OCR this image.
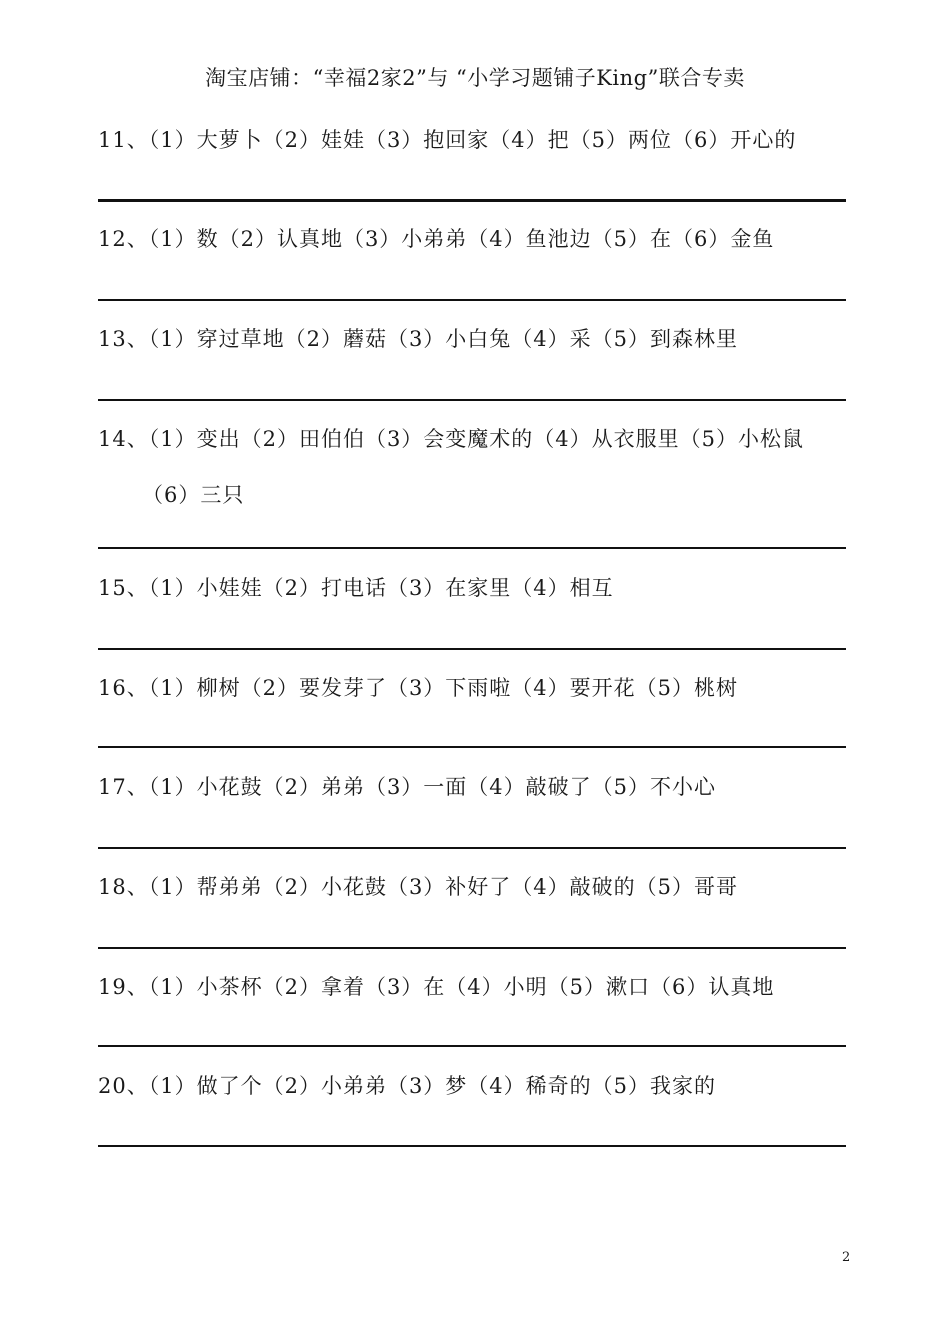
淘宝店铺：“幸福2家2”与 “小学习题铺子King”联合专卖
11、（1）大萝卜（2）娃娃（3）抱回家（4）把（5）两位（6）开心的
12、（1）数（2）认真地（3）小弟弟（4）鱼池边（5）在（6）金鱼
13、（1）穿过草地（2）蘑菇（3）小白兔（4）采（5）到森林里
14、（1）变出（2）田伯伯（3）会变魔术的（4）从衣服里（5）小松鼠
（6）三只
15、（1）小娃娃（2）打电话（3）在家里（4）相互
16、（1）柳树（2）要发芽了（3）下雨啦（4）要开花（5）桃树
17、（1）小花鼓（2）弟弟（3）一面（4）敲破了（5）不小心
18、（1）帮弟弟（2）小花鼓（3）补好了（4）敲破的（5）哥哥
19、（1）小茶杯（2）拿着（3）在（4）小明（5）漱口（6）认真地
20、（1）做了个（2）小弟弟（3）梦（4）稀奇的（5）我家的
2
